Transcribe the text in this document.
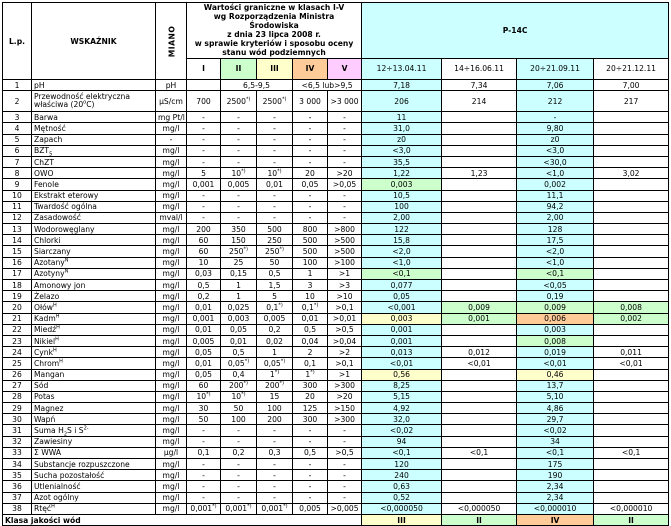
L.p.	WSKAŹNIK	MIANO	Wartości graniczne w klasach I-V
wg Rozporządzenia Ministra Środowiska
z dnia 23 lipca 2008 r.
w sprawie kryteriów i sposobu oceny
stanu wód podziemnych					P-14C			
			I	II	III	IV	V	12÷13.04.11	14÷16.06.11	20÷21.09.11	20÷21.12.11
1	pH	pH		6,5-9,5		<6,5 lub>9,5		7,18	7,34	7,06	7,00
2	Przewodność elektryczna właściwa (20$^o$C)	µS/cm	700	2500*)	2500*)	3 000	>3 000	206	214	212	217
3	Barwa	mg Pt/l	-	-	-	-	-	11		-	
4	Mętność	mg/l	-	-	-	-	-	31,0		9,80	
5	Zapach	-	-	-	-	-	-	z0		z0	
6	$BZT_5$	mg/l	-	-	-	-	-	<3,0		<3,0	
7	ChZT	mg/l	-	-	-	-	-	35,5		<30,0	
8	OWO	mg/l	5	10*)	10*)	20	>20	1,22	1,23	<1,0	3,02
9	Fenole	mg/l	0,001	0,005	0,01	0,05	>0,05	0,003		0,002	
10	Ekstrakt eterowy	mg/l	-	-	-	-	-	10,5		11,1	
11	Twardość ogólna	mg/l	-	-	-	-	-	100		94,2	
12	Zasadowość	mval/l	-	-	-	-	-	2,00		2,00	
13	Wodorowęglany	mg/l	200	350	500	800	>800	122		128	
14	Chlorki	mg/l	60	150	250	500	>500	15,8		17,5	
15	Siarczany	mg/l	60	250*)	250*)	500	>500	<2,0		<2,0	
16	Azotany$^N$	mg/l	10	25	50	100	>100	<1,0		<1,0	
17	Azotyny$^N$	mg/l	0,03	0,15	0,5	1	>1	<0,1		<0,1	
18	Amonowy jon	mg/l	0,5	1	1,5	3	>3	0,077		<0,05	
19	Żelazo	mg/l	0,2	1	5	10	>10	0,05		0,19	
20	Ołów$^H$	mg/l	0,01	0,025	0,1*)	0,1*)	>0,1	<0,001	0,009	0,009	0,008
21	Kadm$^H$	mg/l	0,001	0,003	0,005	0,01	>0,01	0,003	0,001	0,006	0,002
22	Miedź$^H$	mg/l	0,01	0,05	0,2	0,5	>0,5	0,001		0,003	
23	Nikiel$^H$	mg/l	0,005	0,01	0,02	0,04	>0,04	0,001		0,008	
24	Cynk$^H$	mg/l	0,05	0,5	1	2	>2	0,013	0,012	0,019	0,011
25	Chrom$^H$	mg/l	0,01	0,05*)	0,05*)	0,1	>0,1	<0,01	<0,01	<0,01	<0,01
26	Mangan	mg/l	0,05	0,4	1*)	1*)	>1	0,56		0,46	
27	Sód	mg/l	60	200*)	200*)	300	>300	8,25		13,7	
28	Potas	mg/l	10*)	10*)	15	20	>20	5,15		5,10	
29	Magnez	mg/l	30	50	100	125	>150	4,92		4,86	
30	Wapń	mg/l	50	100	200	300	>300	32,0		29,7	
31	Suma $H_2S$ i $S^{2-}$	mg/l	-	-	-	-	-	<0,02		<0,02	
32	Zawiesiny	mg/l	-	-	-	-	-	94		34	
33	Σ WWA	µg/l	0,1	0,2	0,3	0,5	>0,5	<0,1	<0,1	<0,1	<0,1
34	Substancje rozpuszczone	mg/l	-	-	-	-	-	120		175	
35	Sucha pozostałość	mg/l	-	-	-	-	-	240		190	
36	Utlenialność	mg/l	-	-	-	-	-	0,63		2,34	
37	Azot ogólny	mg/l	-	-	-	-	-	0,52		2,34	
38	Rtęć$^H$	mg/l	0,001*)	0,001*)	0,001*)	0,005	>0,005	<0,000050	<0,000050	<0,000010	<0,000010
Klasa jakości wód								III	II	IV	II
